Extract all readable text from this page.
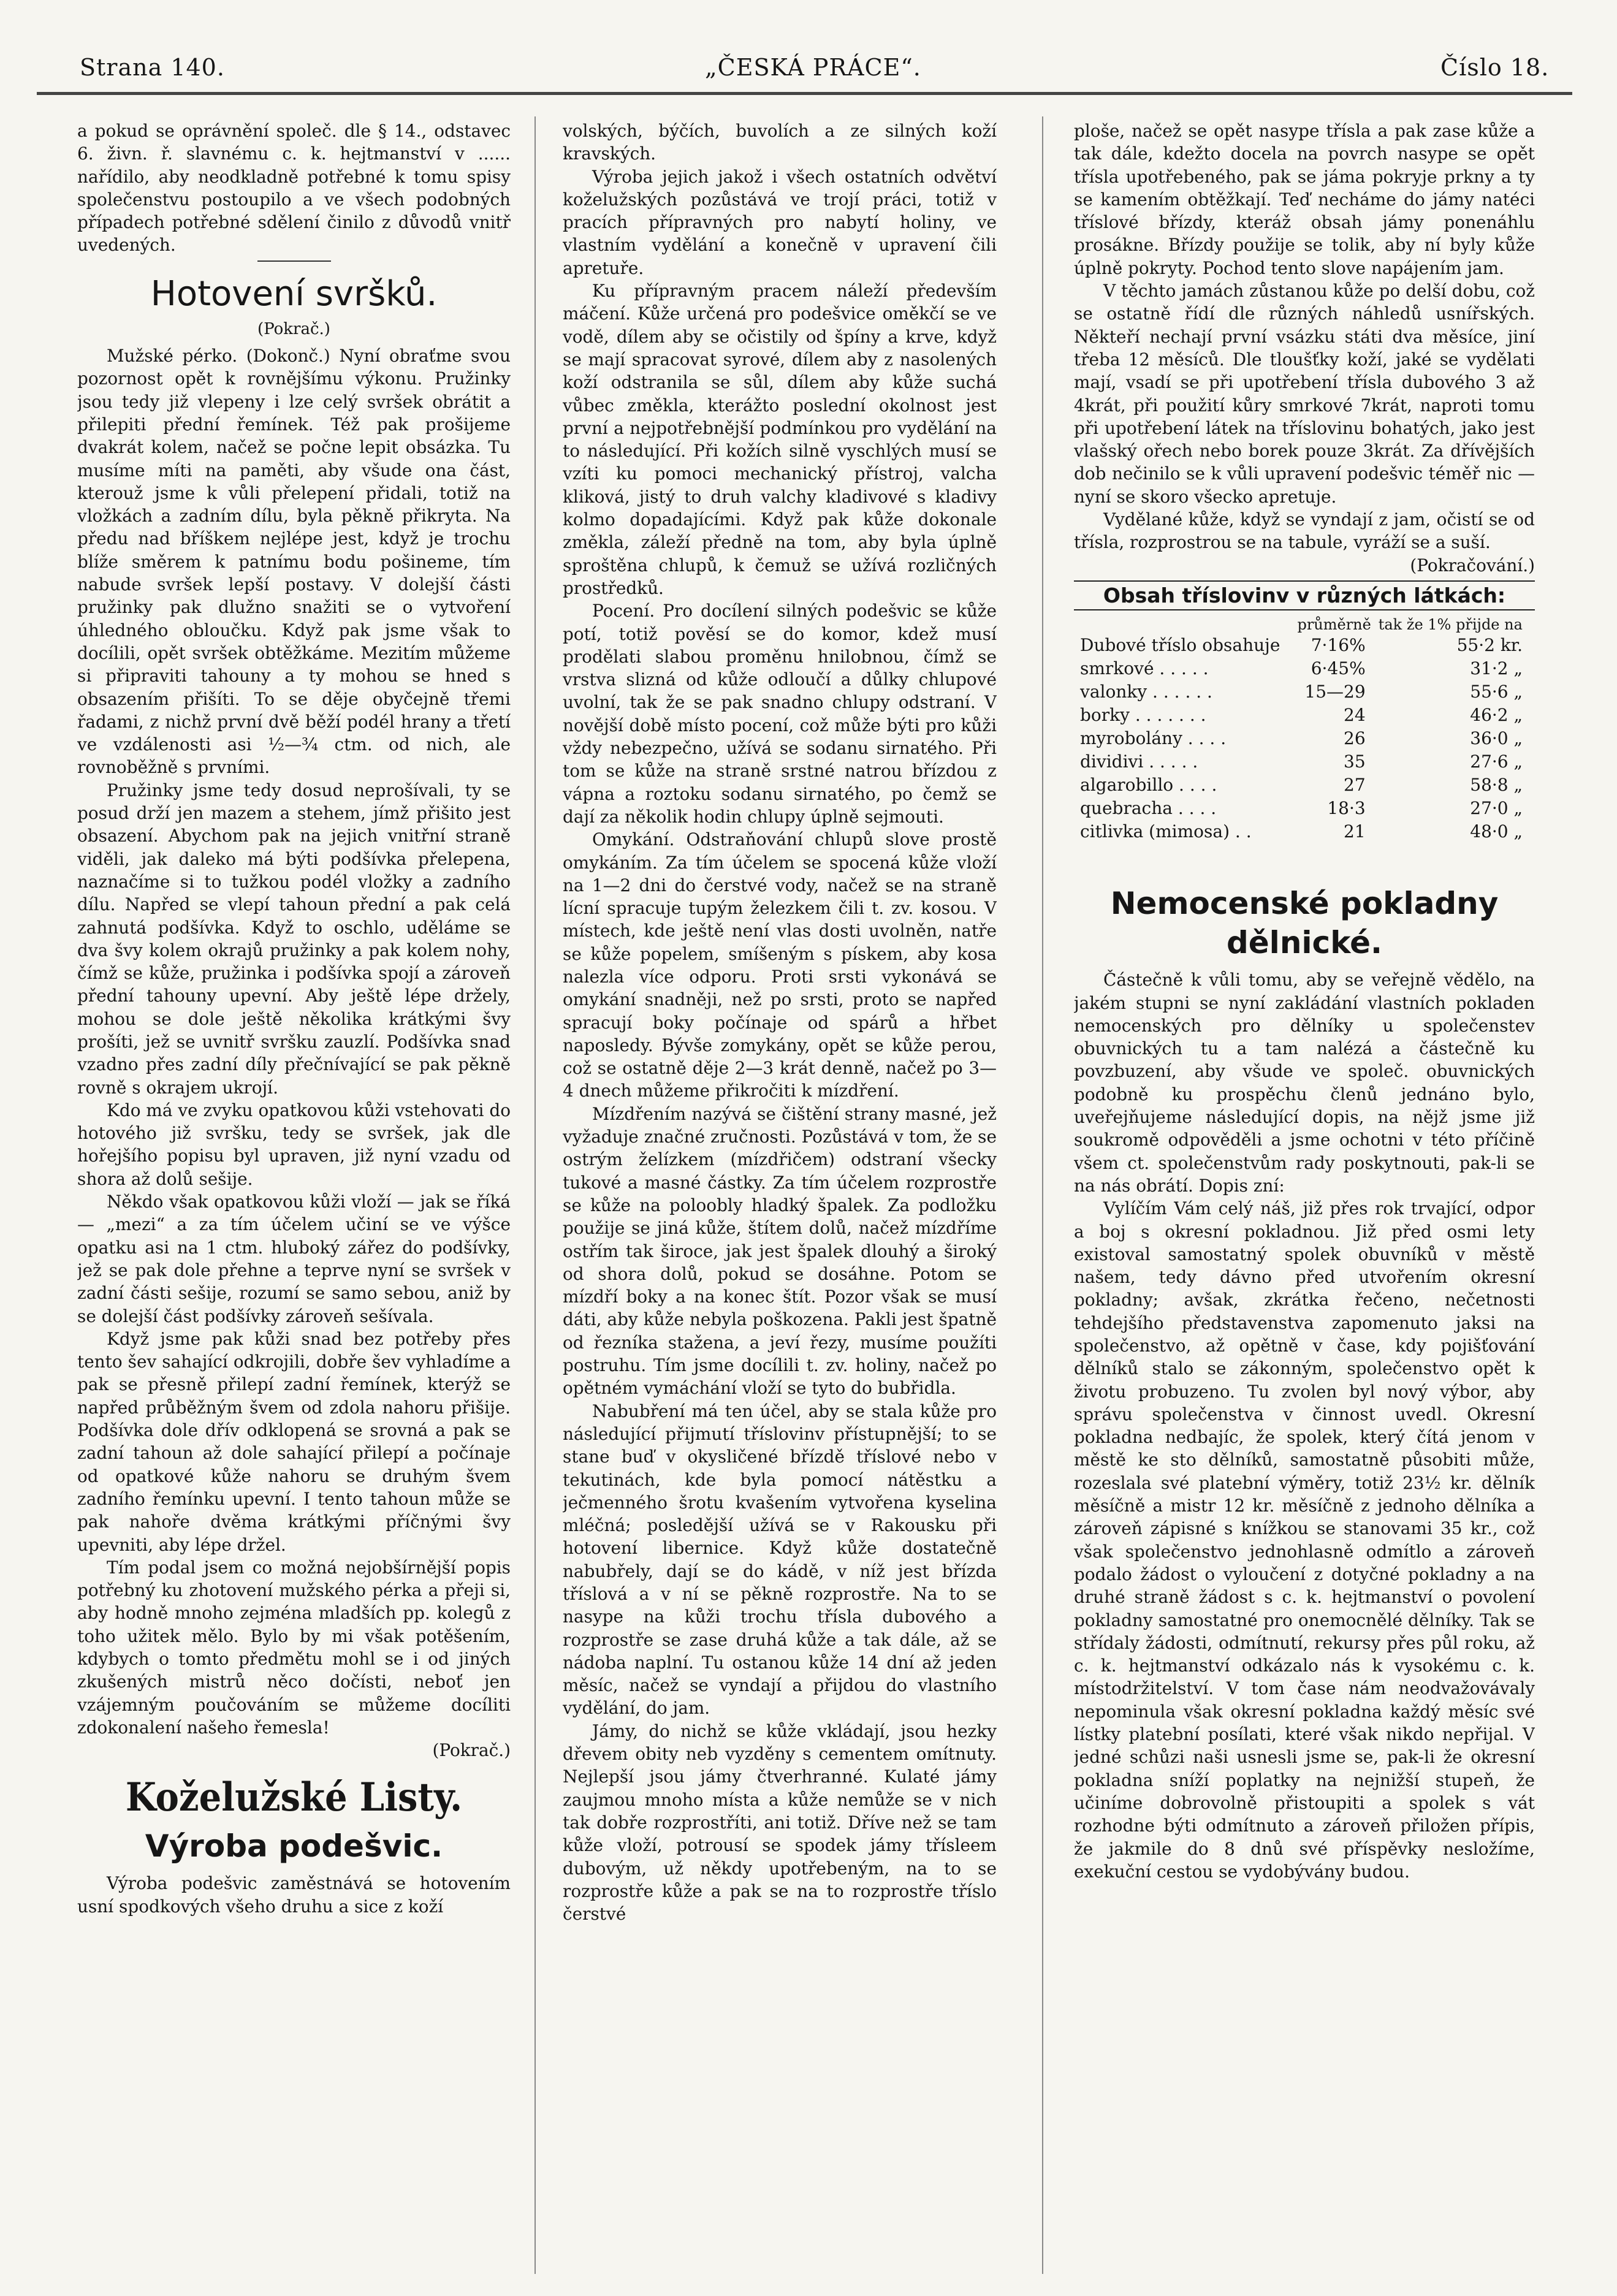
Strana 140.	„ČESKÁ PRÁCE“.	Číslo 18.

a pokud se oprávnění společ. dle § 14., odstavec 6. živn. ř. slavnému c. k. hejtmanství v ...... nařídilo, aby neodkladně potřebné k tomu spisy společenstvu postoupilo a ve všech podobných případech potřebné sdělení činilo z důvodů vnitř uvedených.

Hotovení svršků.
(Pokrač.)

Mužské pérko. (Dokonč.) Nyní obraťme svou pozornost opět k rovnějšímu výkonu. Pružinky jsou tedy již vlepeny i lze celý svršek obrátit a přilepiti přední řemínek. Též pak prošijeme dvakrát kolem, načež se počne lepit obsázka. Tu musíme míti na paměti, aby všude ona část, kterouž jsme k vůli přelepení přidali, totiž na vložkách a zadním dílu, byla pěkně přikryta. Na předu nad bříškem nejlépe jest, když je trochu blíže směrem k patnímu bodu pošineme, tím nabude svršek lepší postavy. V dolejší části pružinky pak dlužno snažiti se o vytvoření úhledného obloučku. Když pak jsme však to docílili, opět svršek obtěžkáme. Mezitím můžeme si připraviti tahouny a ty mohou se hned s obsazením přišíti. To se děje obyčejně třemi řadami, z nichž první dvě běží podél hrany a třetí ve vzdálenosti asi ½—¾ ctm. od nich, ale rovnoběžně s prvními.

Pružinky jsme tedy dosud neprošívali, ty se posud drží jen mazem a stehem, jímž přišito jest obsazení. Abychom pak na jejich vnitřní straně viděli, jak daleko má býti podšívka přelepena, naznačíme si to tužkou podél vložky a zadního dílu. Napřed se vlepí tahoun přední a pak celá zahnutá podšívka. Když to oschlo, uděláme se dva švy kolem okrajů pružinky a pak kolem nohy, čímž se kůže, pružinka i podšívka spojí a zároveň přední tahouny upevní. Aby ještě lépe držely, mohou se dole ještě několika krátkými švy prošíti, jež se uvnitř svršku zauzlí. Podšívka snad vzadno přes zadní díly přečnívající se pak pěkně rovně s okrajem ukrojí.

Kdo má ve zvyku opatkovou kůži vstehovati do hotového již svršku, tedy se svršek, jak dle hořejšího popisu byl upraven, již nyní vzadu od shora až dolů sešije.

Někdo však opatkovou kůži vloží — jak se říká — „mezi“ a za tím účelem učiní se ve výšce opatku asi na 1 ctm. hluboký zářez do podšívky, jež se pak dole přehne a teprve nyní se svršek v zadní části sešije, rozumí se samo sebou, aniž by se dolejší část podšívky zároveň sešívala.

Když jsme pak kůži snad bez potřeby přes tento šev sahající odkrojili, dobře šev vyhladíme a pak se přesně přilepí zadní řemínek, kterýž se napřed průběžným švem od zdola nahoru přišije. Podšívka dole dřív odklopená se srovná a pak se zadní tahoun až dole sahající přilepí a počínaje od opatkové kůže nahoru se druhým švem zadního řemínku upevní. I tento tahoun může se pak nahoře dvěma krátkými příčnými švy upevniti, aby lépe držel.

Tím podal jsem co možná nejobšírnější popis potřebný ku zhotovení mužského pérka a přeji si, aby hodně mnoho zejména mladších pp. kolegů z toho užitek mělo. Bylo by mi však potěšením, kdybych o tomto předmětu mohl se i od jiných zkušených mistrů něco dočísti, neboť jen vzájemným poučováním se můžeme docíliti zdokonalení našeho řemesla!

(Pokrač.)
Koželužské Listy.
Výroba podešvic.

Výroba podešvic zaměstnává se hotovením usní spodkových všeho druhu a sice z koží

volských, býčích, buvolích a ze silných koží kravských.

Výroba jejich jakož i všech ostatních odvětví koželužských pozůstává ve trojí práci, totiž v pracích přípravných pro nabytí holiny, ve vlastním vydělání a konečně v upravení čili apretuře.

Ku přípravným pracem náleží především máčení. Kůže určená pro podešvice oměkčí se ve vodě, dílem aby se očistily od špíny a krve, když se mají spracovat syrové, dílem aby z nasolených koží odstranila se sůl, dílem aby kůže suchá vůbec změkla, kterážto poslední okolnost jest první a nejpotřebnější podmínkou pro vydělání na to následující. Při kožích silně vyschlých musí se vzíti ku pomoci mechanický přístroj, valcha kliková, jistý to druh valchy kladivové s kladivy kolmo dopadajícími. Když pak kůže dokonale změkla, záleží předně na tom, aby byla úplně sproštěna chlupů, k čemuž se užívá rozličných prostředků.

Pocení. Pro docílení silných podešvic se kůže potí, totiž pověsí se do komor, kdež musí prodělati slabou proměnu hnilobnou, čímž se vrstva slizná od kůže odloučí a důlky chlupové uvolní, tak že se pak snadno chlupy odstraní. V novější době místo pocení, což může býti pro kůži vždy nebezpečno, užívá se sodanu sirnatého. Při tom se kůže na straně srstné natrou břízdou z vápna a roztoku sodanu sirnatého, po čemž se dají za několik hodin chlupy úplně sejmouti.

Omykání. Odstraňování chlupů slove prostě omykáním. Za tím účelem se spocená kůže vloží na 1—2 dni do čerstvé vody, načež se na straně lícní spracuje tupým železkem čili t. zv. kosou. V místech, kde ještě není vlas dosti uvolněn, natře se kůže popelem, smíšeným s pískem, aby kosa nalezla více odporu. Proti srsti vykonává se omykání snadněji, než po srsti, proto se napřed spracují boky počínaje od spárů a hřbet naposledy. Bývše zomykány, opět se kůže perou, což se ostatně děje 2—3 krát denně, načež po 3—4 dnech můžeme přikročiti k mízdření.

Mízdřením nazývá se čištění strany masné, jež vyžaduje značné zručnosti. Pozůstává v tom, že se ostrým želízkem (mízdřičem) odstraní všecky tukové a masné částky. Za tím účelem rozprostře se kůže na poloobly hladký špalek. Za podložku použije se jiná kůže, štítem dolů, načež mízdříme ostřím tak široce, jak jest špalek dlouhý a široký od shora dolů, pokud se dosáhne. Potom se mízdří boky a na konec štít. Pozor však se musí dáti, aby kůže nebyla poškozena. Pakli jest špatně od řezníka stažena, a jeví řezy, musíme použíti postruhu. Tím jsme docílili t. zv. holiny, načež po opětném vymáchání vloží se tyto do bubřidla.

Nabubření má ten účel, aby se stala kůže pro následující přijmutí tříslovinv přístupnější; to se stane buď v okysličené břízdě tříslové nebo v tekutinách, kde byla pomocí nátěstku a ječmenného šrotu kvašením vytvořena kyselina mléčná; posledější užívá se v Rakousku při hotovení libernice. Když kůže dostatečně nabubřely, dají se do kádě, v níž jest břízda tříslová a v ní se pěkně rozprostře. Na to se nasype na kůži trochu třísla dubového a rozprostře se zase druhá kůže a tak dále, až se nádoba naplní. Tu ostanou kůže 14 dní až jeden měsíc, načež se vyndají a přijdou do vlastního vydělání, do jam.

Jámy, do nichž se kůže vkládají, jsou hezky dřevem obity neb vyzděny s cementem omítnuty. Nejlepší jsou jámy čtverhranné. Kulaté jámy zaujmou mnoho místa a kůže nemůže se v nich tak dobře rozprostříti, ani totiž. Dříve než se tam kůže vloží, potrousí se spodek jámy třísleem dubovým, už někdy upotřebeným, na to se rozprostře kůže a pak se na to rozprostře tříslo čerstvé

ploše, načež se opět nasype třísla a pak zase kůže a tak dále, kdežto docela na povrch nasype se opět třísla upotřebeného, pak se jáma pokryje prkny a ty se kamením obtěžkají. Teď necháme do jámy natéci tříslové břízdy, kteráž obsah jámy ponenáhlu prosákne. Břízdy použije se tolik, aby ní byly kůže úplně pokryty. Pochod tento slove napájením jam.

V těchto jamách zůstanou kůže po delší dobu, což se ostatně řídí dle různých náhledů usnířských. Někteří nechají první vsázku státi dva měsíce, jiní třeba 12 měsíců. Dle tloušťky koží, jaké se vydělati mají, vsadí se při upotřebení tříslа dubového 3 až 4krát, při použití kůry smrkové 7krát, naproti tomu při upotřebení látek na tříslovinu bohatých, jako jest vlašský ořech nebo borek pouze 3krát. Za dřívějších dob nečinilo se k vůli upravení podešvic téměř nic — nyní se skoro všecko apretuje.

Vydělané kůže, když se vyndají z jam, očistí se od třísla, rozprostrou se na tabule, vyráží se a suší.

(Pokračování.)
Obsah tříslovinv v různých látkách:
	průměrně	tak že 1% přijde na
Dubové tříslo obsahuje	7·16%	55·2 kr.
smrkové . . . . .	6·45%	31·2 „
valonky . . . . . .	15—29	55·6 „
borky . . . . . . .	24	46·2 „
myrobolány . . . .	26	36·0 „
dividivi . . . . .	35	27·6 „
algarobillo . . . .	27	58·8 „
quebracha . . . .	18·3	27·0 „
citlivka (mimosa) . .	21	48·0 „
Nemocenské pokladny dělnické.

Částečně k vůli tomu, aby se veřejně vědělo, na jakém stupni se nyní zakládání vlastních pokladen nemocenských pro dělníky u společenstev obuvnických tu a tam nalézá a částečně ku povzbuzení, aby všude ve společ. obuvnických podobně ku prospěchu členů jednáno bylo, uveřejňujeme následující dopis, na nějž jsme již soukromě odpověděli a jsme ochotni v této příčině všem ct. společenstvům rady poskytnouti, pak-li se na nás obrátí. Dopis zní:

Vylíčím Vám celý náš, již přes rok trvající, odpor a boj s okresní pokladnou. Již před osmi lety existoval samostatný spolek obuvníků v městě našem, tedy dávno před utvořením okresní pokladny; avšak, zkrátka řečeno, nečetnosti tehdejšího představenstva zapomenuto jaksi na společenstvo, až opětně v čase, kdy pojišťování dělníků stalo se zákonným, společenstvo opět k životu probuzeno. Tu zvolen byl nový výbor, aby správu společenstva v činnost uvedl. Okresní pokladna nedbajíc, že spolek, který čítá jenom v městě ke sto dělníků, samostatně působiti může, rozeslala své platební výměry, totiž 23½ kr. dělník měsíčně a mistr 12 kr. měsíčně z jednoho dělníka a zároveň zápisné s knížkou se stanovami 35 kr., což však společenstvo jednohlasně odmítlo a zároveň podalo žádost o vyloučení z dotyčné pokladny a na druhé straně žádost s c. k. hejtmanství o povolení pokladny samostatné pro onemocnělé dělníky. Tak se střídaly žádosti, odmítnutí, rekursy přes půl roku, až c. k. hejtmanství odkázalo nás k vysokému c. k. místodržitelství. V tom čase nám neodvažovávaly nepominula však okresní pokladna každý měsíc své lístky platební posílati, které však nikdo nepřijal. V jedné schůzi naši usnesli jsme se, pak-li že okresní pokladna sníží poplatky na nejnižší stupeň, že učiníme dobrovolně přistoupiti a spolek s vát rozhodne býti odmítnuto a zároveň přiložen přípis, že jakmile do 8 dnů své příspěvky nesložíme, exekuční cestou se vydobývány budou.
